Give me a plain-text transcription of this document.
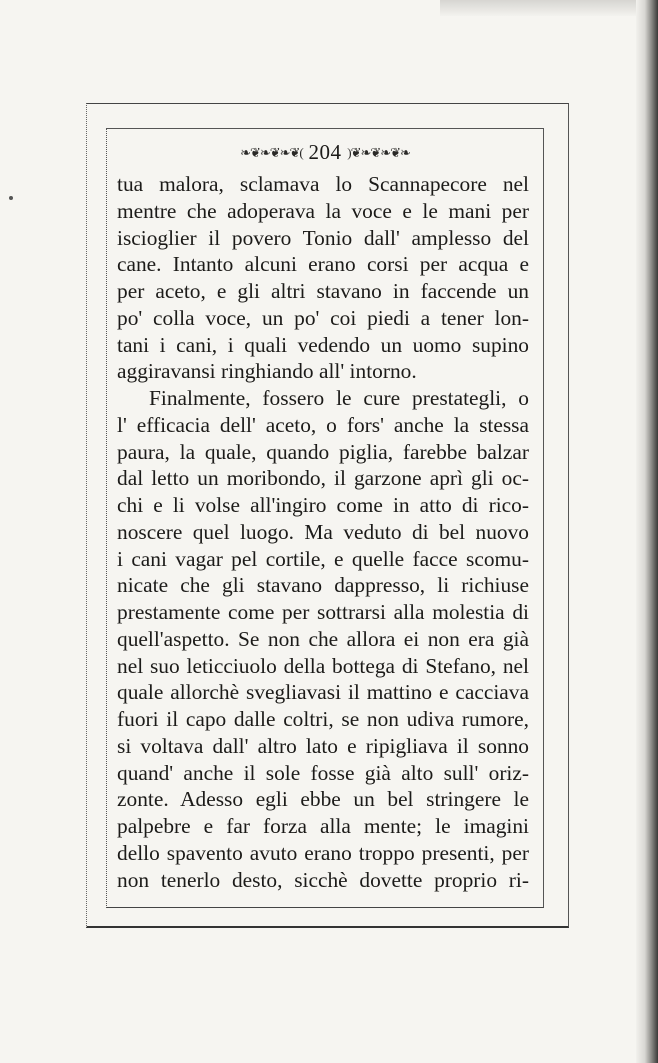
❧❦❧❦❧❦( 204 )❦❧❦❧❦❧
tua malora, sclamava lo Scannapecore nel
mentre che adoperava la voce e le mani per
iscioglier il povero Tonio dall' amplesso del
cane. Intanto alcuni erano corsi per acqua e
per aceto, e gli altri stavano in faccende un
po' colla voce, un po' coi piedi a tener lon-
tani i cani, i quali vedendo un uomo supino
aggiravansi ringhiando all' intorno.
Finalmente, fossero le cure prestategli, o
l' efficacia dell' aceto, o fors' anche la stessa
paura, la quale, quando piglia, farebbe balzar
dal letto un moribondo, il garzone aprì gli oc-
chi e li volse all'ingiro come in atto di rico-
noscere quel luogo. Ma veduto di bel nuovo
i cani vagar pel cortile, e quelle facce scomu-
nicate che gli stavano dappresso, li richiuse
prestamente come per sottrarsi alla molestia di
quell'aspetto. Se non che allora ei non era già
nel suo leticciuolo della bottega di Stefano, nel
quale allorchè svegliavasi il mattino e cacciava
fuori il capo dalle coltri, se non udiva rumore,
si voltava dall' altro lato e ripigliava il sonno
quand' anche il sole fosse già alto sull' oriz-
zonte. Adesso egli ebbe un bel stringere le
palpebre e far forza alla mente; le imagini
dello spavento avuto erano troppo presenti, per
non tenerlo desto, sicchè dovette proprio ri-
